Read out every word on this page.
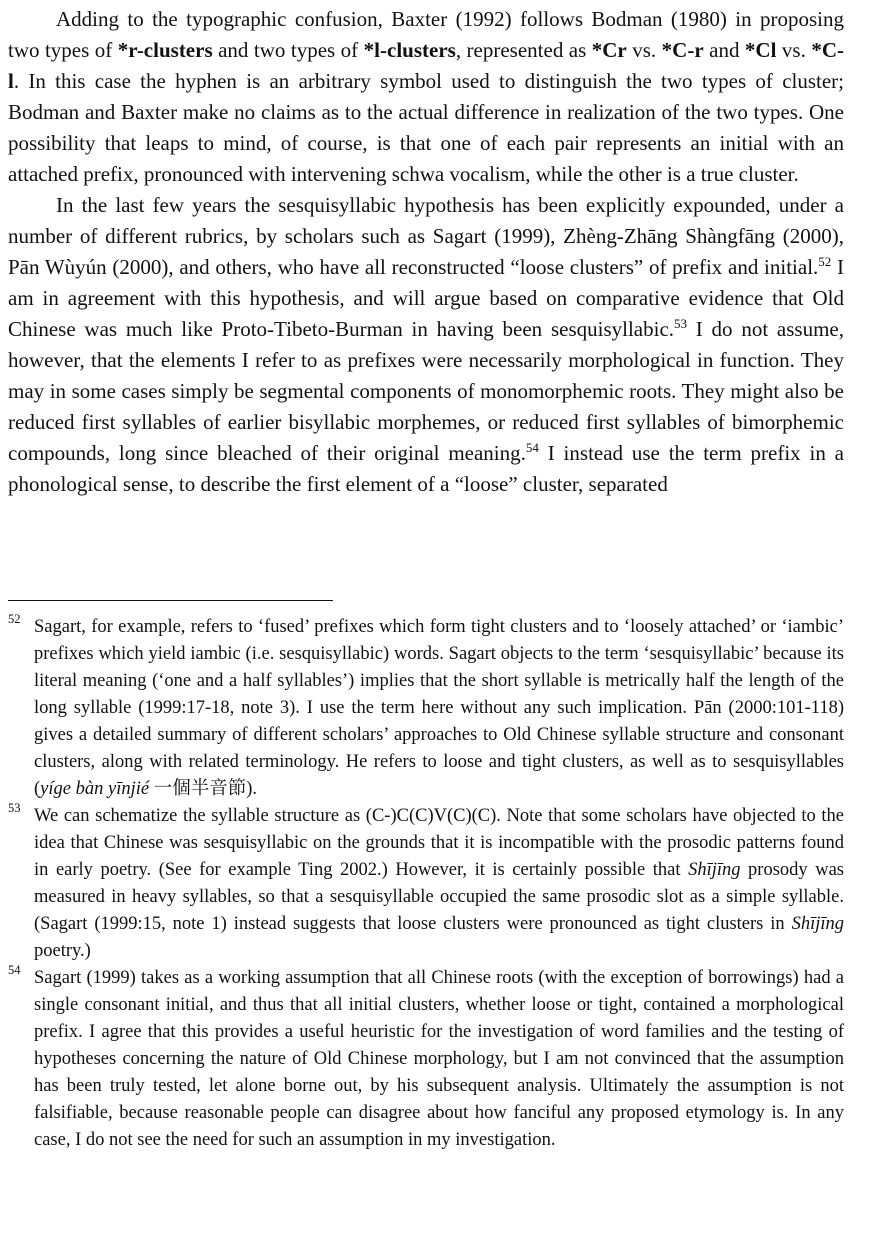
Adding to the typographic confusion, Baxter (1992) follows Bodman (1980) in proposing two types of *r-clusters and two types of *l-clusters, represented as *Cr vs. *C-r and *Cl vs. *C-l. In this case the hyphen is an arbitrary symbol used to distinguish the two types of cluster; Bodman and Baxter make no claims as to the actual difference in realization of the two types. One possibility that leaps to mind, of course, is that one of each pair represents an initial with an attached prefix, pronounced with intervening schwa vocalism, while the other is a true cluster.

In the last few years the sesquisyllabic hypothesis has been explicitly expounded, under a number of different rubrics, by scholars such as Sagart (1999), Zhèng-Zhāng Shàngfāng (2000), Pān Wùyún (2000), and others, who have all reconstructed “loose clusters” of prefix and initial.$^{52}$ I am in agreement with this hypothesis, and will argue based on comparative evidence that Old Chinese was much like Proto-Tibeto-Burman in having been sesquisyllabic.$^{53}$ I do not assume, however, that the elements I refer to as prefixes were necessarily morphological in function. They may in some cases simply be segmental components of monomorphemic roots. They might also be reduced first syllables of earlier bisyllabic morphemes, or reduced first syllables of bimorphemic compounds, long since bleached of their original meaning.$^{54}$ I instead use the term prefix in a phonological sense, to describe the first element of a “loose” cluster, separated

52 Sagart, for example, refers to ‘fused’ prefixes which form tight clusters and to ‘loosely attached’ or ‘iambic’ prefixes which yield iambic (i.e. sesquisyllabic) words. Sagart objects to the term ‘sesquisyllabic’ because its literal meaning (‘one and a half syllables’) implies that the short syllable is metrically half the length of the long syllable (1999:17-18, note 3). I use the term here without any such implication. Pān (2000:101-118) gives a detailed summary of different scholars’ approaches to Old Chinese syllable structure and consonant clusters, along with related terminology. He refers to loose and tight clusters, as well as to sesquisyllables (yíge bàn yīnjié 一個半音節).
53 We can schematize the syllable structure as (C-)C(C)V(C)(C). Note that some scholars have objected to the idea that Chinese was sesquisyllabic on the grounds that it is incompatible with the prosodic patterns found in early poetry. (See for example Ting 2002.) However, it is certainly possible that Shījīng prosody was measured in heavy syllables, so that a sesquisyllable occupied the same prosodic slot as a simple syllable. (Sagart (1999:15, note 1) instead suggests that loose clusters were pronounced as tight clusters in Shījīng poetry.)
54 Sagart (1999) takes as a working assumption that all Chinese roots (with the exception of borrowings) had a single consonant initial, and thus that all initial clusters, whether loose or tight, contained a morphological prefix. I agree that this provides a useful heuristic for the investigation of word families and the testing of hypotheses concerning the nature of Old Chinese morphology, but I am not convinced that the assumption has been truly tested, let alone borne out, by his subsequent analysis. Ultimately the assumption is not falsifiable, because reasonable people can disagree about how fanciful any proposed etymology is. In any case, I do not see the need for such an assumption in my investigation.
